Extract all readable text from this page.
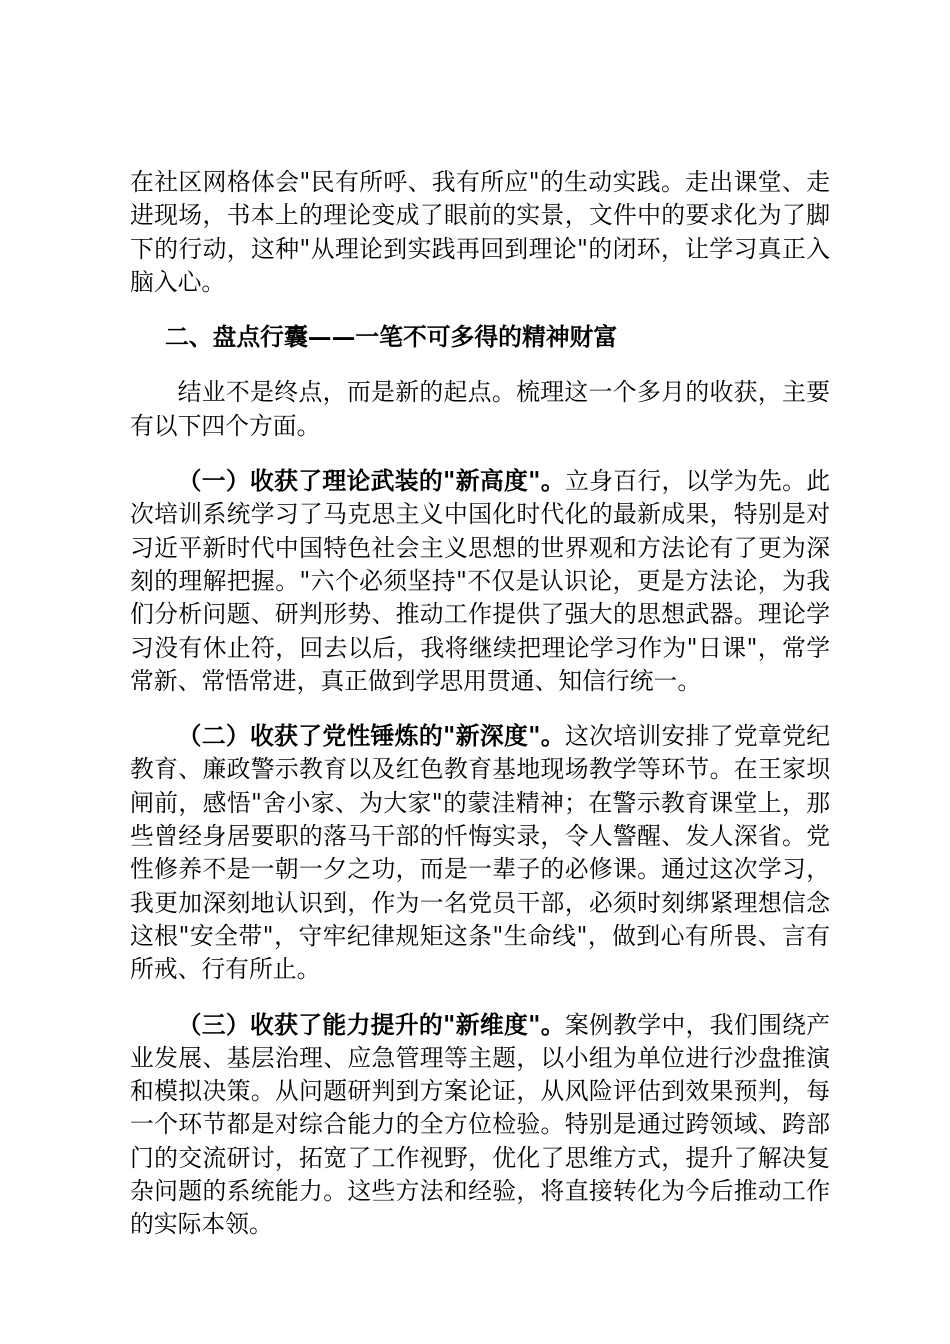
在社区网格体会"民有所呼、我有所应"的生动实践。走出课堂、走进现场，书本上的理论变成了眼前的实景，文件中的要求化为了脚下的行动，这种"从理论到实践再回到理论"的闭环，让学习真正入脑入心。

二、盘点行囊——一笔不可多得的精神财富

结业不是终点，而是新的起点。梳理这一个多月的收获，主要有以下四个方面。

（一）收获了理论武装的"新高度"。立身百行，以学为先。此次培训系统学习了马克思主义中国化时代化的最新成果，特别是对习近平新时代中国特色社会主义思想的世界观和方法论有了更为深刻的理解把握。"六个必须坚持"不仅是认识论，更是方法论，为我们分析问题、研判形势、推动工作提供了强大的思想武器。理论学习没有休止符，回去以后，我将继续把理论学习作为"日课"，常学常新、常悟常进，真正做到学思用贯通、知信行统一。

（二）收获了党性锤炼的"新深度"。这次培训安排了党章党纪教育、廉政警示教育以及红色教育基地现场教学等环节。在王家坝闸前，感悟"舍小家、为大家"的蒙洼精神；在警示教育课堂上，那些曾经身居要职的落马干部的忏悔实录，令人警醒、发人深省。党性修养不是一朝一夕之功，而是一辈子的必修课。通过这次学习，我更加深刻地认识到，作为一名党员干部，必须时刻绑紧理想信念这根"安全带"，守牢纪律规矩这条"生命线"，做到心有所畏、言有所戒、行有所止。

（三）收获了能力提升的"新维度"。案例教学中，我们围绕产业发展、基层治理、应急管理等主题，以小组为单位进行沙盘推演和模拟决策。从问题研判到方案论证，从风险评估到效果预判，每一个环节都是对综合能力的全方位检验。特别是通过跨领域、跨部门的交流研讨，拓宽了工作视野，优化了思维方式，提升了解决复杂问题的系统能力。这些方法和经验，将直接转化为今后推动工作的实际本领。
